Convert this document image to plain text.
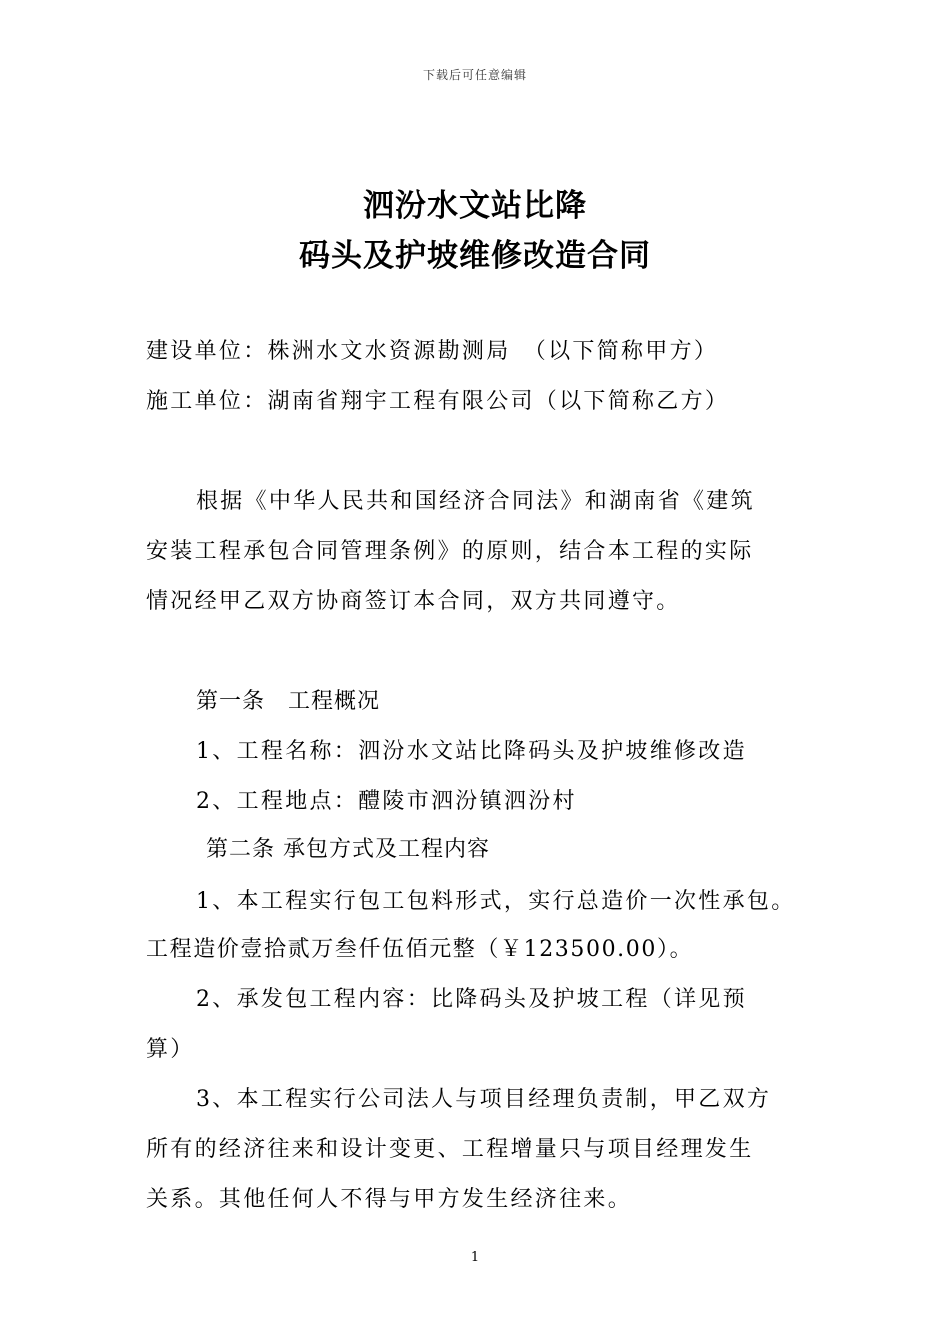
下载后可任意编辑
泗汾水文站比降
码头及护坡维修改造合同
建设单位：株洲水文水资源勘测局　（以下简称甲方）
施工单位：湖南省翔宇工程有限公司（以下简称乙方）
根据《中华人民共和国经济合同法》和湖南省《建筑
安装工程承包合同管理条例》的原则，结合本工程的实际
情况经甲乙双方协商签订本合同，双方共同遵守。
第一条　工程概况
1、工程名称：泗汾水文站比降码头及护坡维修改造
2、工程地点：醴陵市泗汾镇泗汾村
第二条 承包方式及工程内容
1、本工程实行包工包料形式，实行总造价一次性承包。
工程造价壹拾贰万叁仟伍佰元整（￥123500.00）。
2、承发包工程内容：比降码头及护坡工程（详见预
算）
3、本工程实行公司法人与项目经理负责制，甲乙双方
所有的经济往来和设计变更、工程增量只与项目经理发生
关系。其他任何人不得与甲方发生经济往来。
1
